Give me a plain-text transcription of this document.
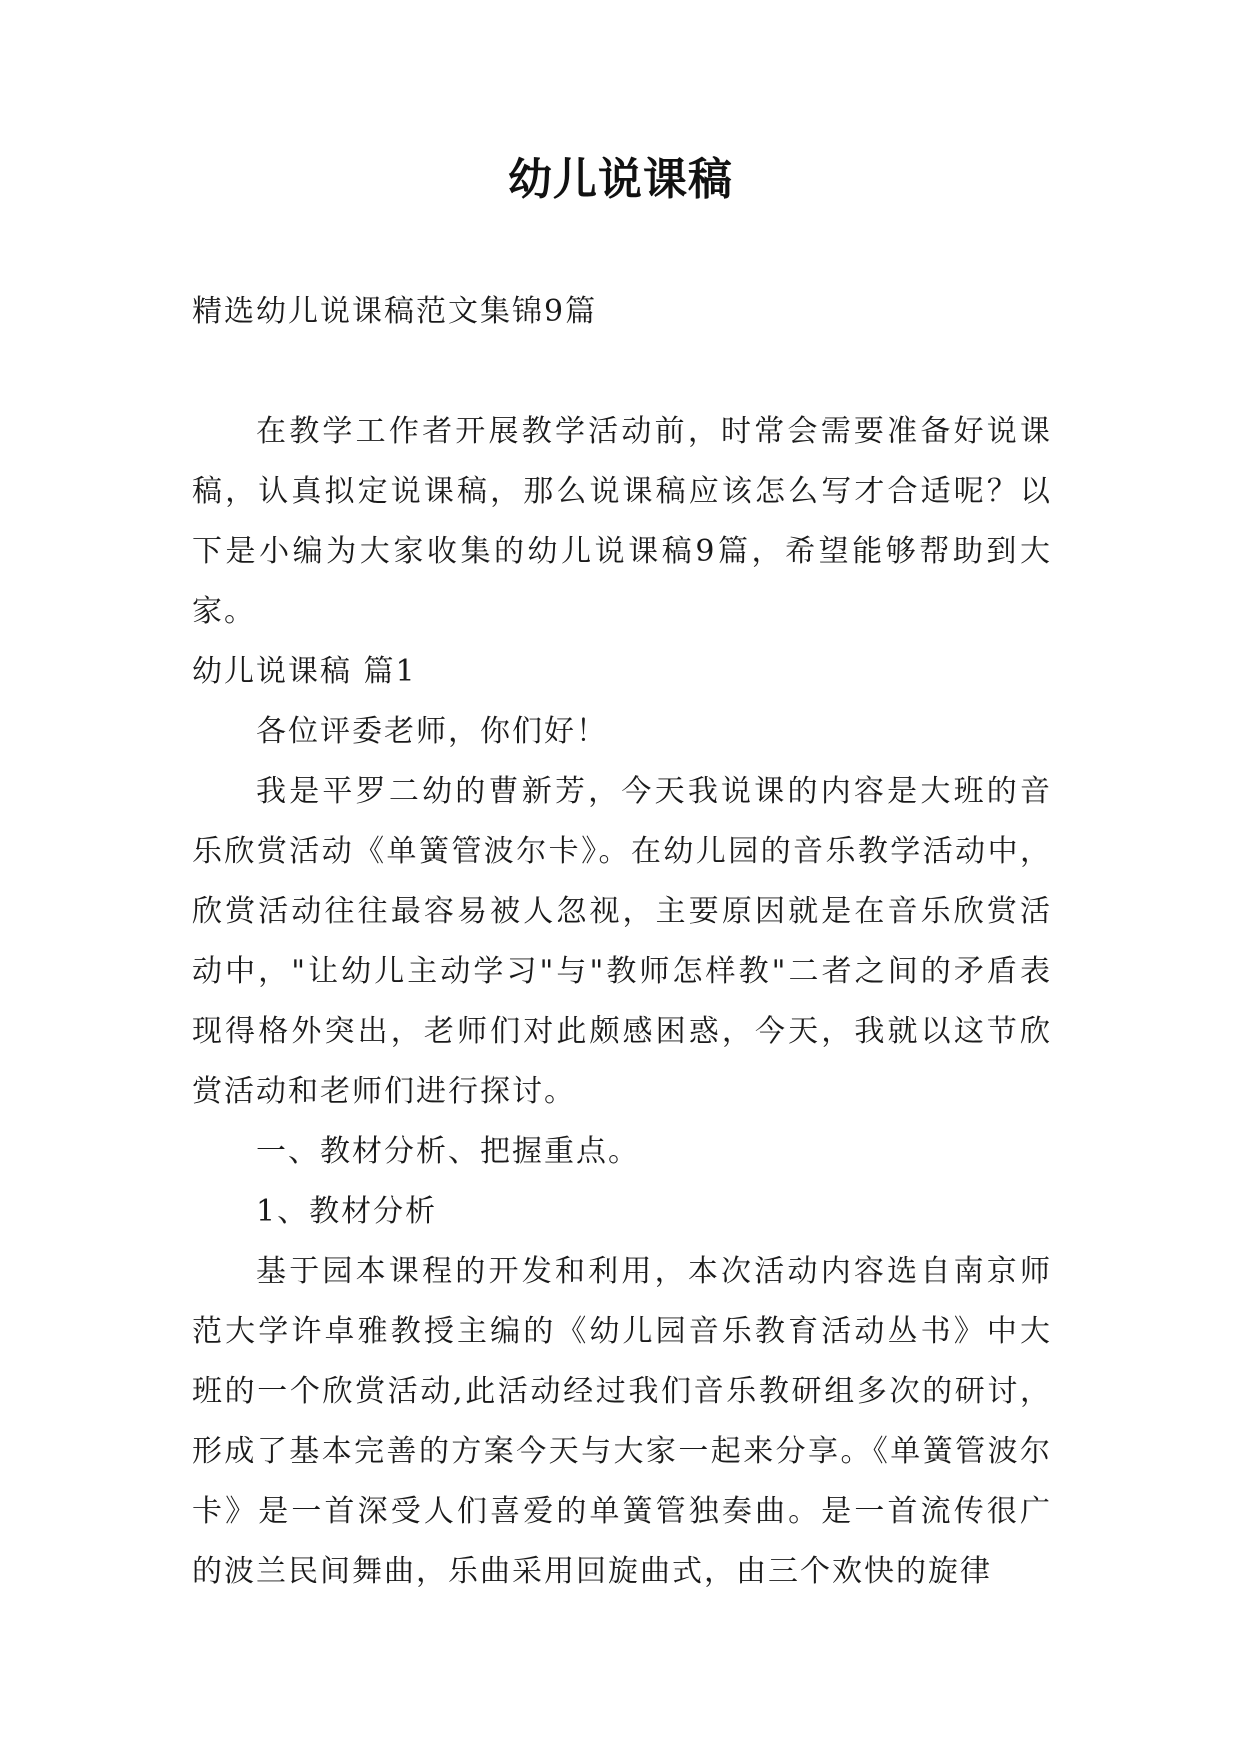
幼儿说课稿
精选幼儿说课稿范文集锦9篇

在教学工作者开展教学活动前，时常会需要准备好说课稿，认真拟定说课稿，那么说课稿应该怎么写才合适呢？以下是小编为大家收集的幼儿说课稿9篇，希望能够帮助到大家。

幼儿说课稿 篇1

各位评委老师，你们好！

我是平罗二幼的曹新芳，今天我说课的内容是大班的音乐欣赏活动《单簧管波尔卡》。在幼儿园的音乐教学活动中，欣赏活动往往最容易被人忽视，主要原因就是在音乐欣赏活动中，"让幼儿主动学习"与"教师怎样教"二者之间的矛盾表现得格外突出，老师们对此颇感困惑，今天，我就以这节欣赏活动和老师们进行探讨。

一、教材分析、把握重点。

1、教材分析

基于园本课程的开发和利用，本次活动内容选自南京师范大学许卓雅教授主编的《幼儿园音乐教育活动丛书》中大班的一个欣赏活动,此活动经过我们音乐教研组多次的研讨，形成了基本完善的方案今天与大家一起来分享。《单簧管波尔卡》是一首深受人们喜爱的单簧管独奏曲。是一首流传很广的波兰民间舞曲，乐曲采用回旋曲式，由三个欢快的旋律
